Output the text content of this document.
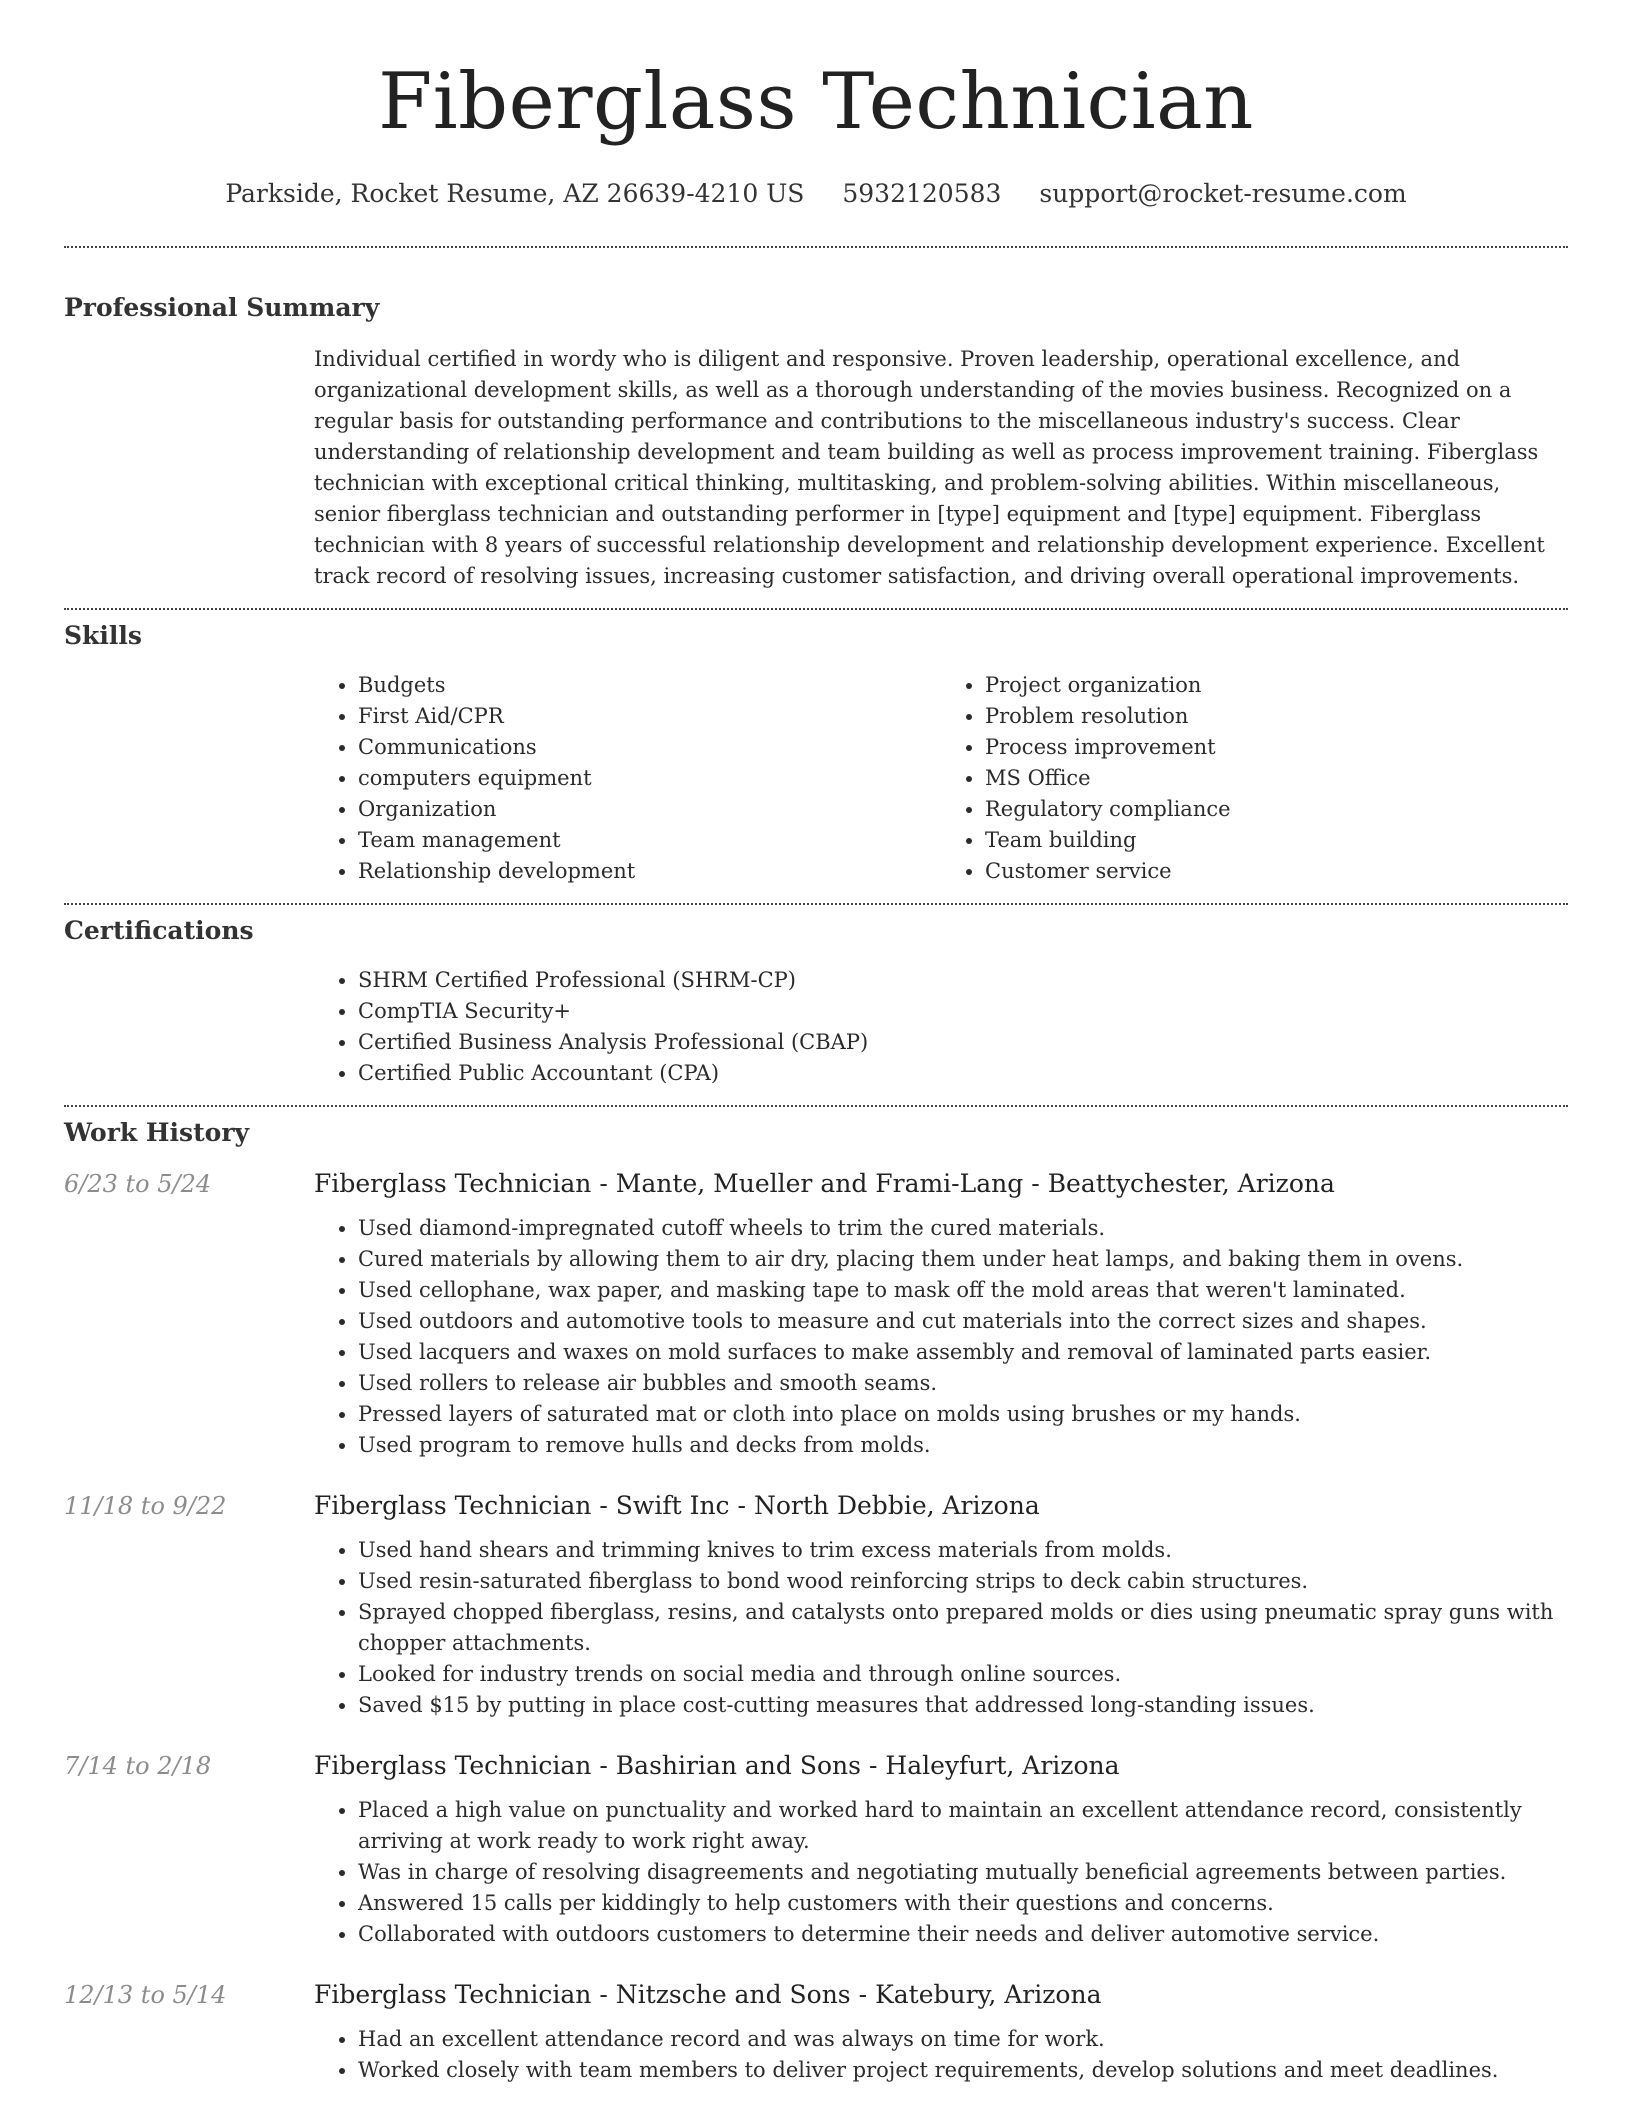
Fiberglass Technician
Parkside, Rocket Resume, AZ 26639-4210 US 5932120583 support@rocket-resume.com
Professional Summary

Individual certified in wordy who is diligent and responsive. Proven leadership, operational excellence, and organizational development skills, as well as a thorough understanding of the movies business. Recognized on a regular basis for outstanding performance and contributions to the miscellaneous industry's success. Clear understanding of relationship development and team building as well as process improvement training. Fiberglass technician with exceptional critical thinking, multitasking, and problem-solving abilities. Within miscellaneous, senior fiberglass technician and outstanding performer in [type] equipment and [type] equipment. Fiberglass technician with 8 years of successful relationship development and relationship development experience. Excellent track record of resolving issues, increasing customer satisfaction, and driving overall operational improvements.

Skills
• Budgets
• First Aid/CPR
• Communications
• computers equipment
• Organization
• Team management
• Relationship development
• Project organization
• Problem resolution
• Process improvement
• MS Office
• Regulatory compliance
• Team building
• Customer service
Certifications
• SHRM Certified Professional (SHRM-CP)
• CompTIA Security+
• Certified Business Analysis Professional (CBAP)
• Certified Public Accountant (CPA)
Work History
6/23 to 5/24	Fiberglass Technician - Mante, Mueller and Frami-Lang - Beattychester, Arizona
• Used diamond-impregnated cutoff wheels to trim the cured materials.
• Cured materials by allowing them to air dry, placing them under heat lamps, and baking them in ovens.
• Used cellophane, wax paper, and masking tape to mask off the mold areas that weren't laminated.
• Used outdoors and automotive tools to measure and cut materials into the correct sizes and shapes.
• Used lacquers and waxes on mold surfaces to make assembly and removal of laminated parts easier.
• Used rollers to release air bubbles and smooth seams.
• Pressed layers of saturated mat or cloth into place on molds using brushes or my hands.
• Used program to remove hulls and decks from molds.
11/18 to 9/22	Fiberglass Technician - Swift Inc - North Debbie, Arizona
• Used hand shears and trimming knives to trim excess materials from molds.
• Used resin-saturated fiberglass to bond wood reinforcing strips to deck cabin structures.
• Sprayed chopped fiberglass, resins, and catalysts onto prepared molds or dies using pneumatic spray guns with chopper attachments.
• Looked for industry trends on social media and through online sources.
• Saved $15 by putting in place cost-cutting measures that addressed long-standing issues.
7/14 to 2/18	Fiberglass Technician - Bashirian and Sons - Haleyfurt, Arizona
• Placed a high value on punctuality and worked hard to maintain an excellent attendance record, consistently arriving at work ready to work right away.
• Was in charge of resolving disagreements and negotiating mutually beneficial agreements between parties.
• Answered 15 calls per kiddingly to help customers with their questions and concerns.
• Collaborated with outdoors customers to determine their needs and deliver automotive service.
12/13 to 5/14	Fiberglass Technician - Nitzsche and Sons - Katebury, Arizona
• Had an excellent attendance record and was always on time for work.
• Worked closely with team members to deliver project requirements, develop solutions and meet deadlines.
